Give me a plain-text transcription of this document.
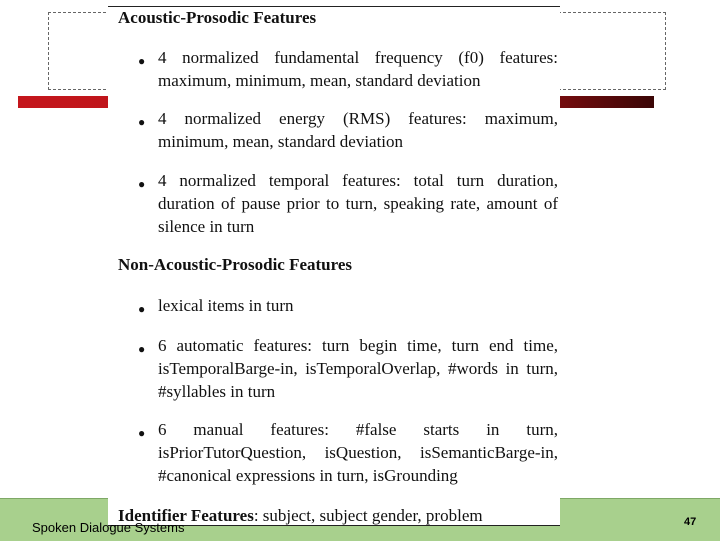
Acoustic-Prosodic Features
● 4 normalized fundamental frequency (f0) features: maximum, minimum, mean, standard deviation
● 4 normalized energy (RMS) features: maximum, minimum, mean, standard deviation
● 4 normalized temporal features: total turn duration, duration of pause prior to turn, speaking rate, amount of silence in turn
Non-Acoustic-Prosodic Features
● lexical items in turn
● 6 automatic features: turn begin time, turn end time, isTemporalBarge-in, isTemporalOverlap, #words in turn, #syllables in turn
● 6 manual features: #false starts in turn, isPriorTutorQuestion, isQuestion, isSemanticBarge-in, #canonical expressions in turn, isGrounding
Identifier Features: subject, subject gender, problem
Spoken Dialogue Systems	47
